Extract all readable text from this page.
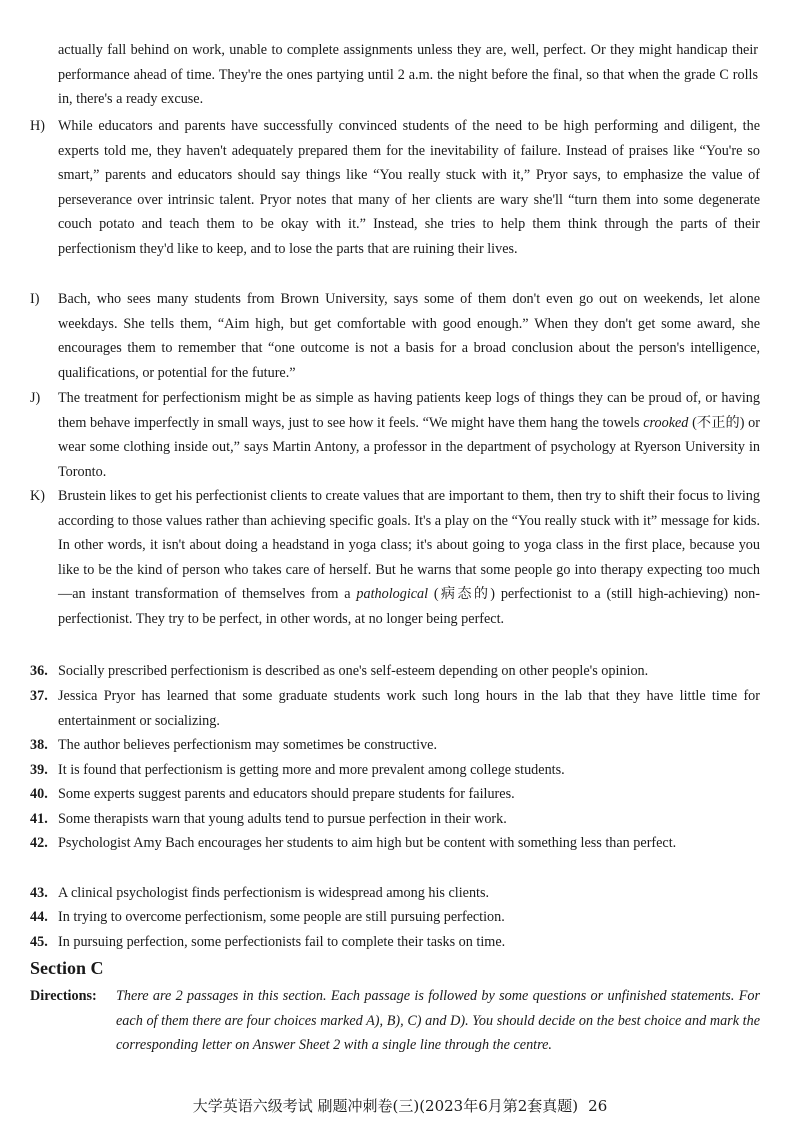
actually fall behind on work, unable to complete assignments unless they are, well, perfect. Or they might handicap their performance ahead of time. They're the ones partying until 2 a.m. the night before the final, so that when the grade C rolls in, there's a ready excuse.
H) While educators and parents have successfully convinced students of the need to be high performing and diligent, the experts told me, they haven't adequately prepared them for the inevitability of failure. Instead of praises like “You're so smart,” parents and educators should say things like “You really stuck with it,” Pryor says, to emphasize the value of perseverance over intrinsic talent. Pryor notes that many of her clients are wary she'll “turn them into some degenerate couch potato and teach them to be okay with it.” Instead, she tries to help them think through the parts of their perfectionism they'd like to keep, and to lose the parts that are ruining their lives.
I) Bach, who sees many students from Brown University, says some of them don't even go out on weekends, let alone weekdays. She tells them, “Aim high, but get comfortable with good enough.” When they don't get some award, she encourages them to remember that “one outcome is not a basis for a broad conclusion about the person's intelligence, qualifications, or potential for the future.”
J) The treatment for perfectionism might be as simple as having patients keep logs of things they can be proud of, or having them behave imperfectly in small ways, just to see how it feels. “We might have them hang the towels crooked (不正的) or wear some clothing inside out,” says Martin Antony, a professor in the department of psychology at Ryerson University in Toronto.
K) Brustein likes to get his perfectionist clients to create values that are important to them, then try to shift their focus to living according to those values rather than achieving specific goals. It's a play on the “You really stuck with it” message for kids. In other words, it isn't about doing a headstand in yoga class; it's about going to yoga class in the first place, because you like to be the kind of person who takes care of herself. But he warns that some people go into therapy expecting too much—an instant transformation of themselves from a pathological (病态的) perfectionist to a (still high-achieving) non-perfectionist. They try to be perfect, in other words, at no longer being perfect.
36. Socially prescribed perfectionism is described as one's self-esteem depending on other people's opinion.
37. Jessica Pryor has learned that some graduate students work such long hours in the lab that they have little time for entertainment or socializing.
38. The author believes perfectionism may sometimes be constructive.
39. It is found that perfectionism is getting more and more prevalent among college students.
40. Some experts suggest parents and educators should prepare students for failures.
41. Some therapists warn that young adults tend to pursue perfection in their work.
42. Psychologist Amy Bach encourages her students to aim high but be content with something less than perfect.
43. A clinical psychologist finds perfectionism is widespread among his clients.
44. In trying to overcome perfectionism, some people are still pursuing perfection.
45. In pursuing perfection, some perfectionists fail to complete their tasks on time.
Section C
Directions: There are 2 passages in this section. Each passage is followed by some questions or unfinished statements. For each of them there are four choices marked A), B), C) and D). You should decide on the best choice and mark the corresponding letter on Answer Sheet 2 with a single line through the centre.
大学英语六级考试 刷题冲刺卷(三)(2023年6月第2套真题) 26
